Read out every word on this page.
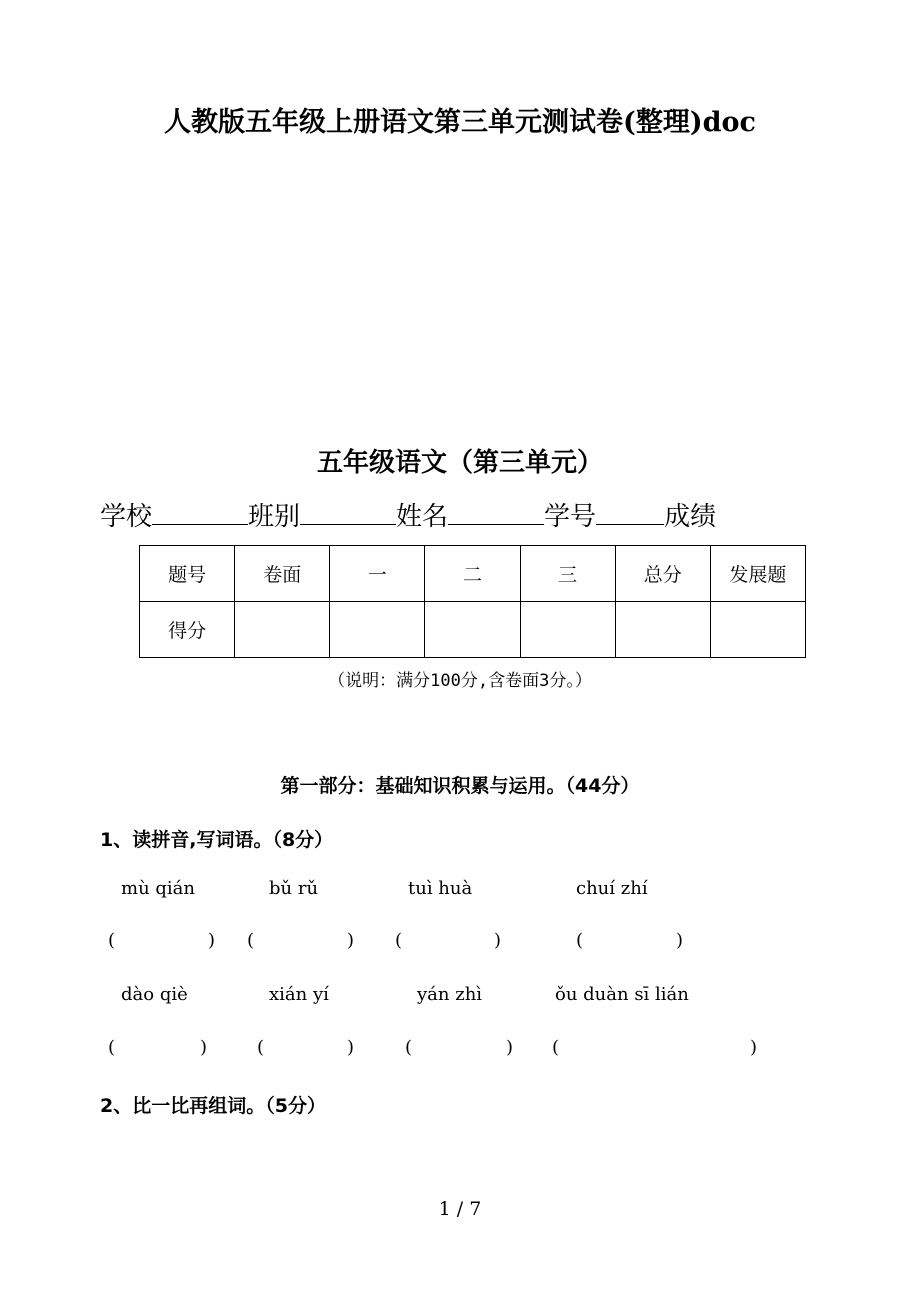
人教版五年级上册语文第三单元测试卷(整理)doc
五年级语文（第三单元）
学校	班别	姓名	学号	成绩
题号	卷面	一	二	三	总分	发展题
得分						
（说明：满分100分,含卷面3分。）
第一部分：基础知识积累与运用。（44分）
1、读拼音,写词语。（8分）
mù qián	bǔ rǔ	tuì huà	chuí zhí
(	) (	) (	)	(	)
dào qiè	xián yí	yán zhì	ǒu duàn sī lián
(	)	(	)	(	) (	)
2、比一比再组词。（5分）
1 / 7
